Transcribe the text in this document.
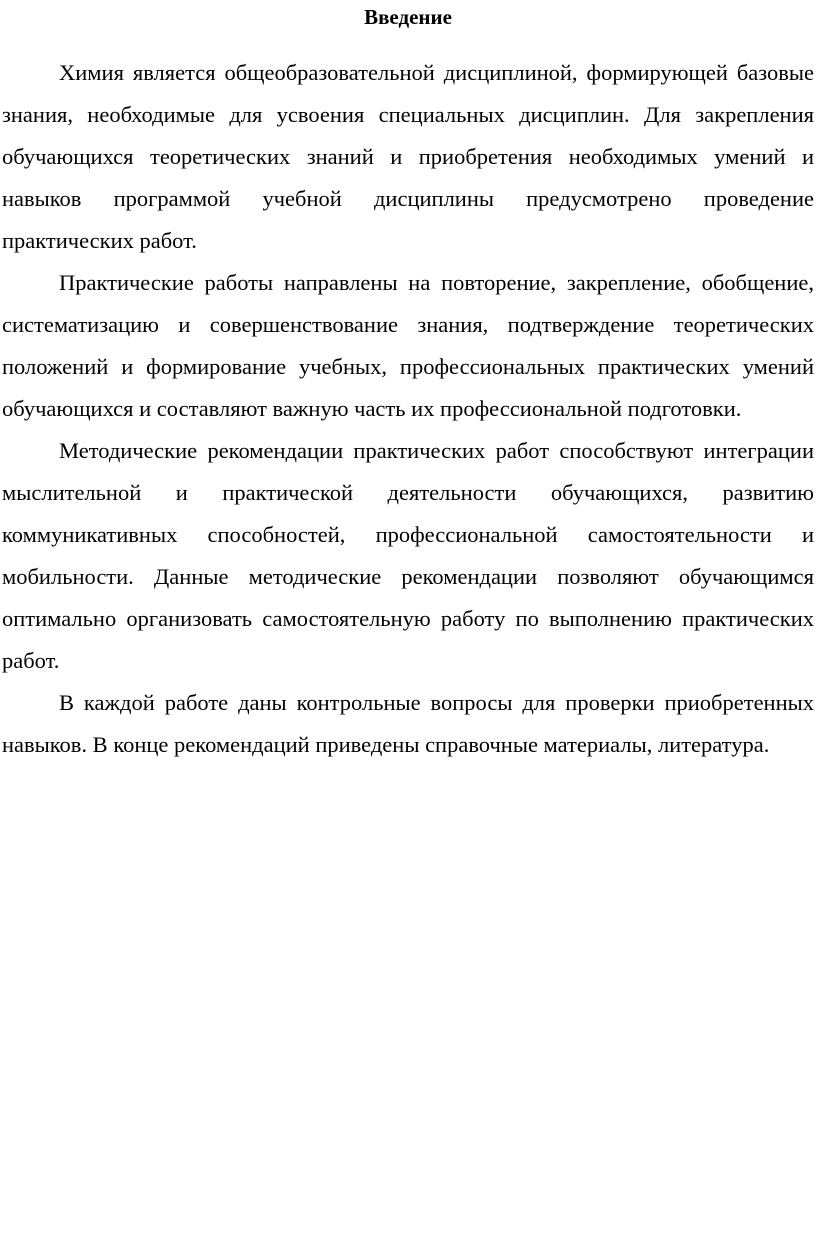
Введение

Химия является общеобразовательной дисциплиной, формирующей базовые знания, необходимые для усвоения специальных дисциплин. Для закрепления обучающихся теоретических знаний и приобретения необходимых умений и навыков программой учебной дисциплины предусмотрено проведение практических работ.

Практические работы направлены на повторение, закрепление, обобщение, систематизацию и совершенствование знания, подтверждение теоретических положений и формирование учебных, профессиональных практических умений обучающихся и составляют важную часть их профессиональной подготовки.

Методические рекомендации практических работ способствуют интеграции мыслительной и практической деятельности обучающихся, развитию коммуникативных способностей, профессиональной самостоятельности и мобильности. Данные методические рекомендации позволяют обучающимся оптимально организовать самостоятельную работу по выполнению практических работ.

В каждой работе даны контрольные вопросы для проверки приобретенных навыков. В конце рекомендаций приведены справочные материалы, литература.
